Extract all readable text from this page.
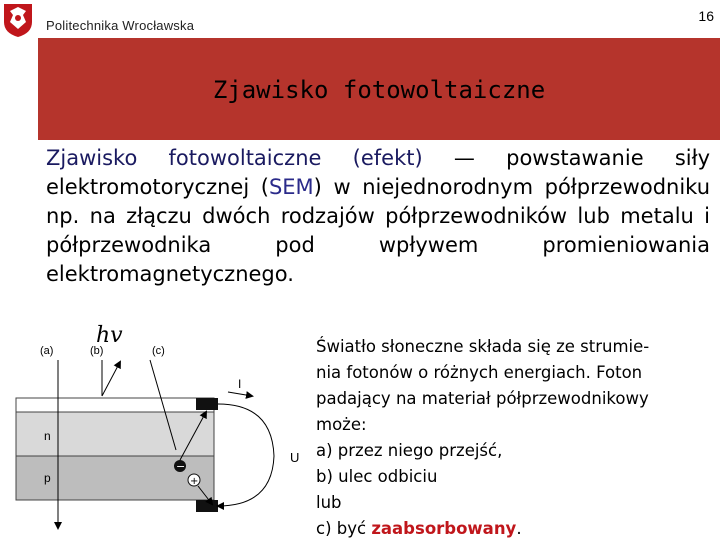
Politechnika Wrocławska
16
Zjawisko fotowoltaiczne
Zjawisko fotowoltaiczne (efekt) — powstawanie siły elektromotorycznej (SEM) w niejednorodnym półprzewodniku np. na złączu dwóch rodzajów półprzewodników lub metalu i półprzewodnika pod wpływem promieniowania elektromagnetycznego.
hv
(a)	(b)	(c)
n
p
I
U
−
+

Światło słoneczne składa się ze strumie-

nia fotonów o różnych energiach. Foton

padający na materiał półprzewodnikowy

może:

a) przez niego przejść,

b) ulec odbiciu

lub

c) być zaabsorbowany.
